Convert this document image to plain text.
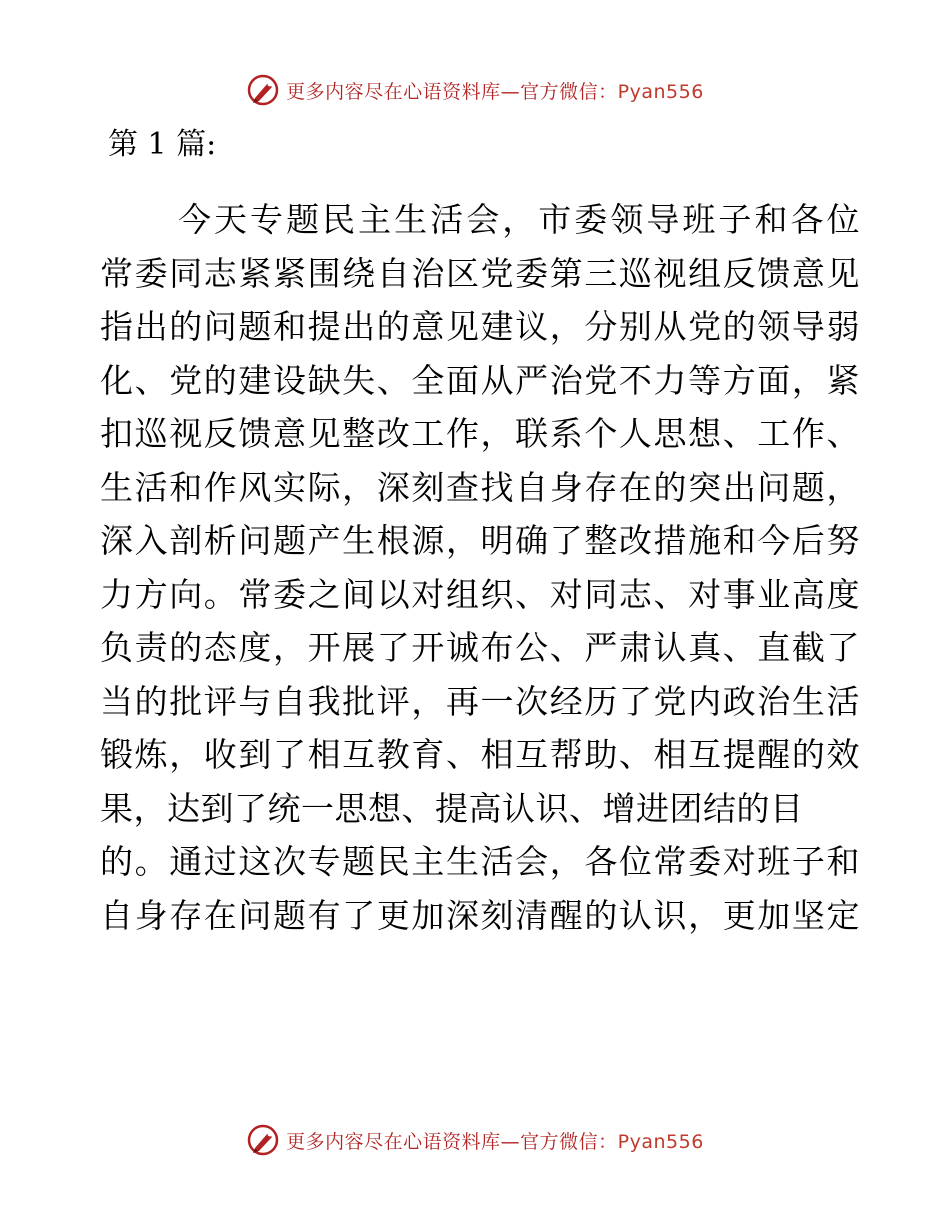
更多内容尽在心语资料库—官方微信：Pyan556
第 1 篇:
今天专题民主生活会，市委领导班子和各位
常委同志紧紧围绕自治区党委第三巡视组反馈意见
指出的问题和提出的意见建议，分别从党的领导弱
化、党的建设缺失、全面从严治党不力等方面，紧
扣巡视反馈意见整改工作，联系个人思想、工作、
生活和作风实际，深刻查找自身存在的突出问题，
深入剖析问题产生根源，明确了整改措施和今后努
力方向。常委之间以对组织、对同志、对事业高度
负责的态度，开展了开诚布公、严肃认真、直截了
当的批评与自我批评，再一次经历了党内政治生活
锻炼，收到了相互教育、相互帮助、相互提醒的效
果，达到了统一思想、提高认识、增进团结的目
的。通过这次专题民主生活会，各位常委对班子和
自身存在问题有了更加深刻清醒的认识，更加坚定
更多内容尽在心语资料库—官方微信：Pyan556
